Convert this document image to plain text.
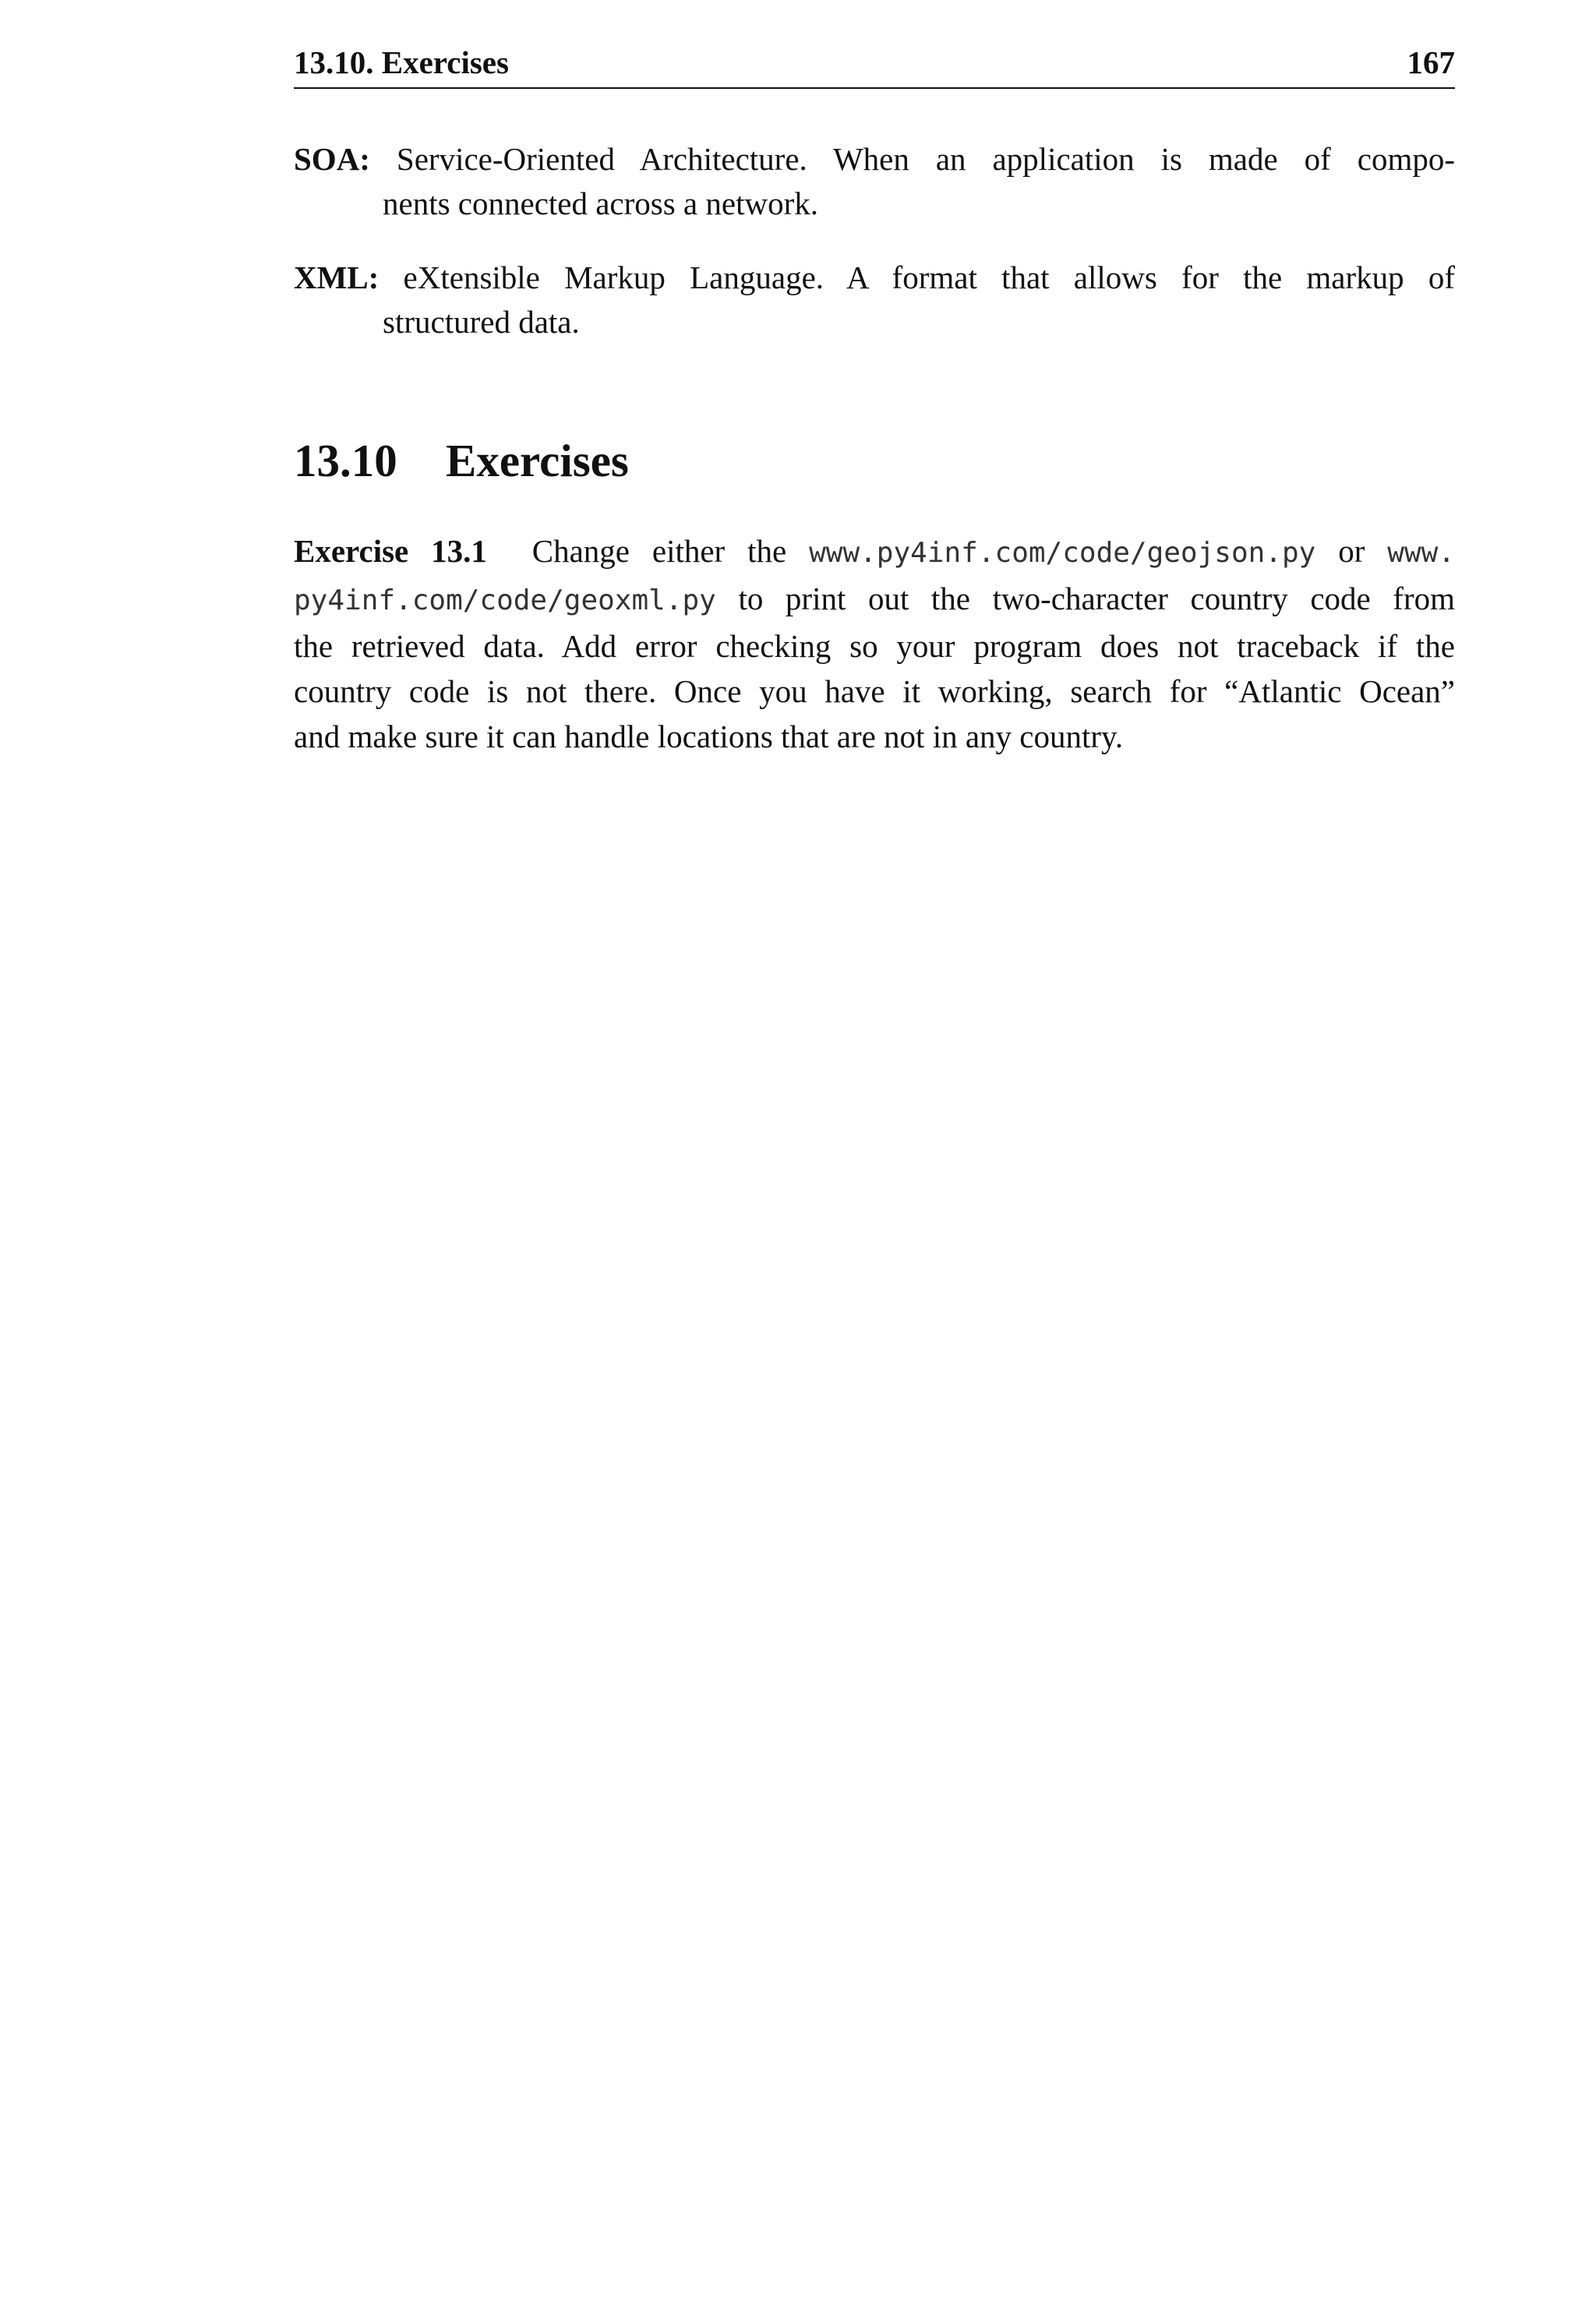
13.10. Exercises	167
SOA: Service-Oriented Architecture. When an application is made of compo-
nents connected across a network.
XML: eXtensible Markup Language. A format that allows for the markup of
structured data.
13.10 Exercises
Exercise 13.1 Change either the www.py4inf.com/code/geojson.py or www.
py4inf.com/code/geoxml.py to print out the two-character country code from
the retrieved data. Add error checking so your program does not traceback if the
country code is not there. Once you have it working, search for “Atlantic Ocean”
and make sure it can handle locations that are not in any country.
